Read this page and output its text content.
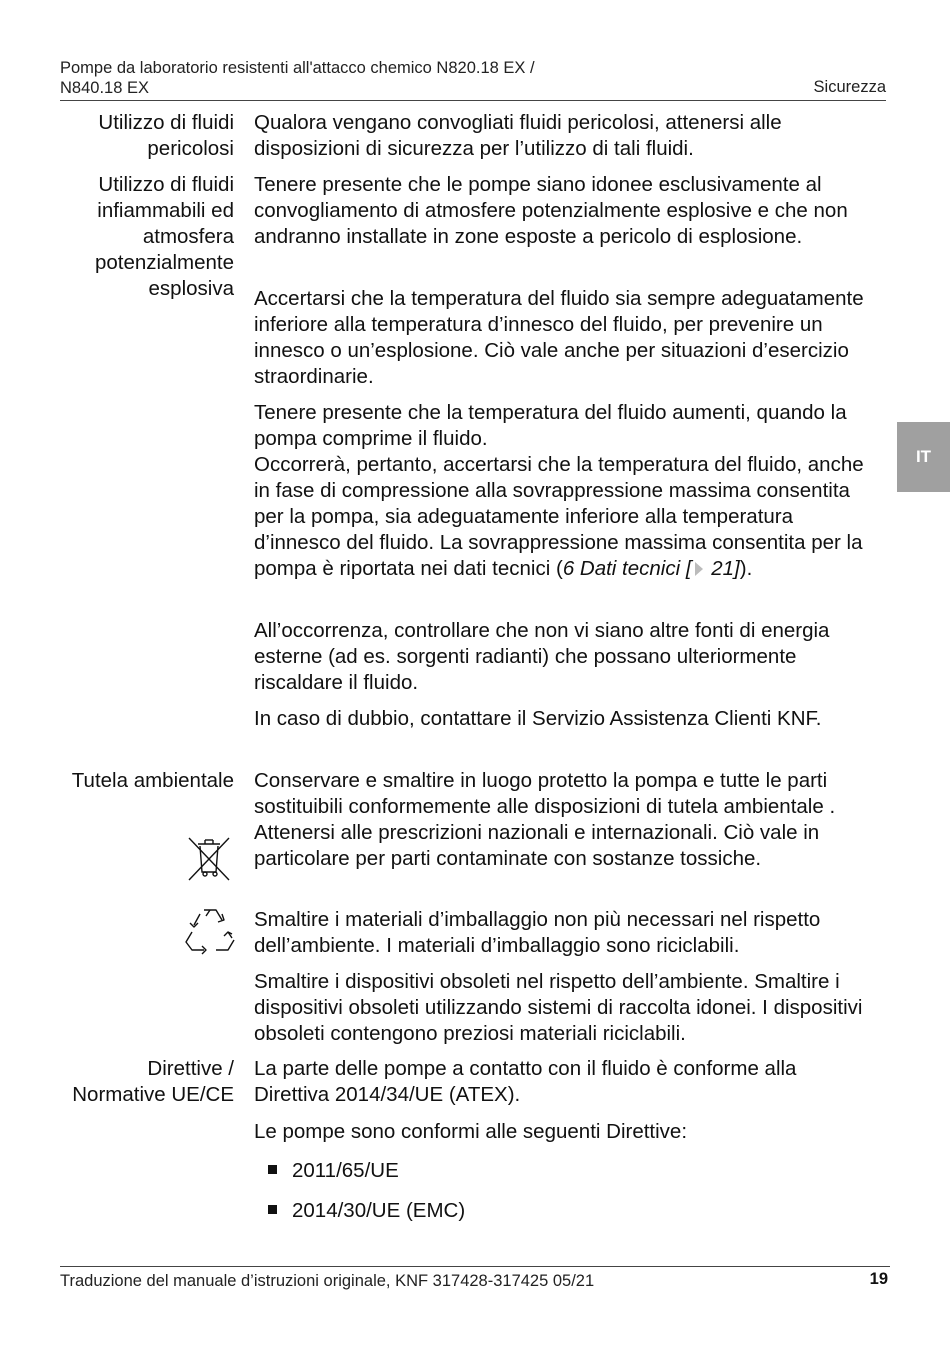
Pompe da laboratorio resistenti all'attacco chemico N820.18 EX /
N840.18 EX	Sicurezza
IT
Utilizzo di fluidi pericolosi
Qualora vengano convogliati fluidi pericolosi, attenersi alle disposizioni di sicurezza per l’utilizzo di tali fluidi.
Utilizzo di fluidi infiammabili ed atmosfera potenzialmente esplosiva
Tenere presente che le pompe siano idonee esclusivamente al convogliamento di atmosfere potenzialmente esplosive e che non andranno installate in zone esposte a pericolo di esplosione.
Accertarsi che la temperatura del fluido sia sempre adeguatamente inferiore alla temperatura d’innesco del fluido, per prevenire un innesco o un’esplosione. Ciò vale anche per situazioni d’esercizio straordinarie.
Tenere presente che la temperatura del fluido aumenti, quando la pompa comprime il fluido.
Occorrerà, pertanto, accertarsi che la temperatura del fluido, anche in fase di compressione alla sovrappressione massima consentita per la pompa, sia adeguatamente inferiore alla temperatura d’innesco del fluido. La sovrappressione massima consentita per la pompa è riportata nei dati tecnici (6 Dati tecnici [ 21]).
All’occorrenza, controllare che non vi siano altre fonti di energia esterne (ad es. sorgenti radianti) che possano ulteriormente riscaldare il fluido.
In caso di dubbio, contattare il Servizio Assistenza Clienti KNF.
Tutela ambientale Conservare e smaltire in luogo protetto la pompa e tutte le parti sostituibili conformemente alle disposizioni di tutela ambientale . Attenersi alle prescrizioni nazionali e internazionali. Ciò vale in particolare per parti contaminate con sostanze tossiche.
Smaltire i materiali d’imballaggio non più necessari nel rispetto dell’ambiente. I materiali d’imballaggio sono riciclabili.
Smaltire i dispositivi obsoleti nel rispetto dell’ambiente. Smaltire i dispositivi obsoleti utilizzando sistemi di raccolta idonei. I dispositivi obsoleti contengono preziosi materiali riciclabili.
Direttive / Normative UE/CE
La parte delle pompe a contatto con il fluido è conforme alla Direttiva 2014/34/UE (ATEX).
Le pompe sono conformi alle seguenti Direttive:
2011/65/UE
2014/30/UE (EMC)
Traduzione del manuale d’istruzioni originale, KNF 317428-317425 05/21	19
